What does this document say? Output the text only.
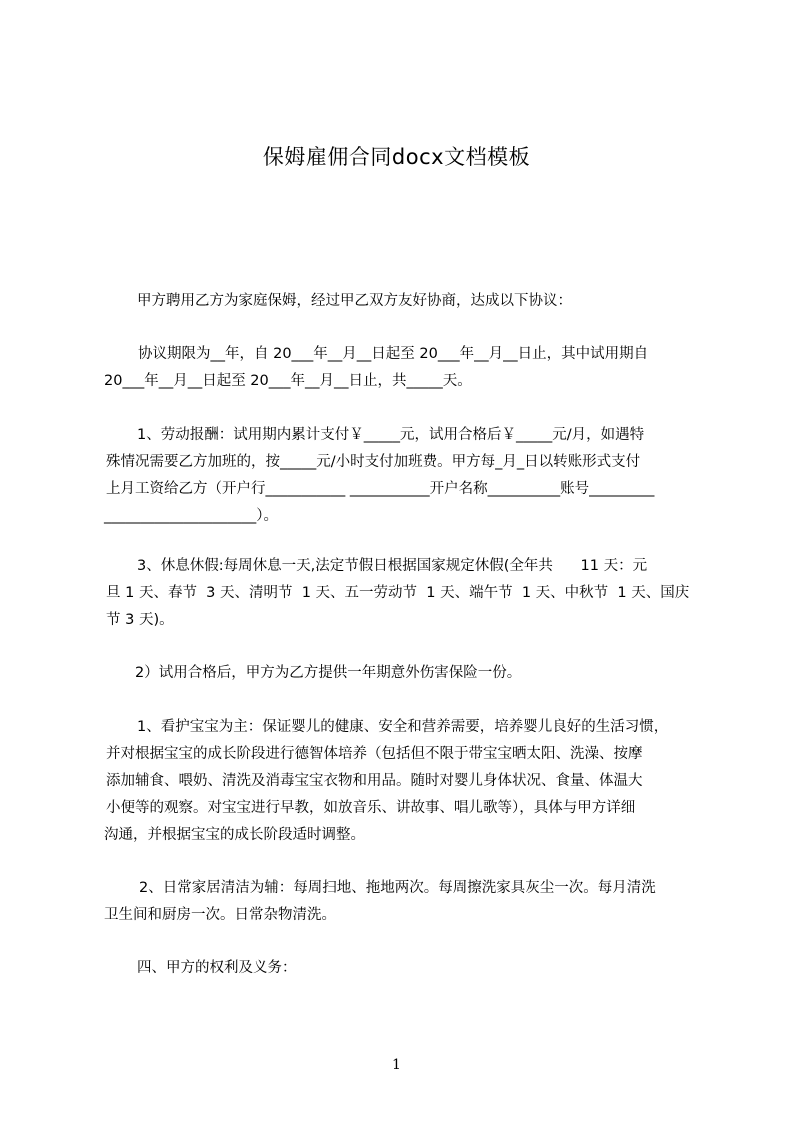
保姆雇佣合同docx文档模板
甲方聘用乙方为家庭保姆，经过甲乙双方友好协商，达成以下协议：
协议期限为__年，自 20___年__月__日起至 20___年__月__日止，其中试用期自
20___年__月__日起至 20___年__月__日止，共_____天。
1、劳动报酬：试用期内累计支付￥_____元，试用合格后￥_____元/月，如遇特
殊情况需要乙方加班的，按_____元/小时支付加班费。甲方每_月_日以转账形式支付
上月工资给乙方（开户行___________ ___________开户名称__________账号_________
_____________________）。
3、休息休假:每周休息一天,法定节假日根据国家规定休假(全年共      11 天：元
旦 1 天、春节  3 天、清明节  1 天、五一劳动节  1 天、端午节  1 天、中秋节  1 天、国庆
节 3 天)。
2）试用合格后，甲方为乙方提供一年期意外伤害保险一份。
1、看护宝宝为主：保证婴儿的健康、安全和营养需要，培养婴儿良好的生活习惯，
并对根据宝宝的成长阶段进行德智体培养（包括但不限于带宝宝晒太阳、洗澡、按摩
添加辅食、喂奶、清洗及消毒宝宝衣物和用品。随时对婴儿身体状况、食量、体温大
小便等的观察。对宝宝进行早教，如放音乐、讲故事、唱儿歌等），具体与甲方详细
沟通，并根据宝宝的成长阶段适时调整。
2、日常家居清洁为辅：每周扫地、拖地两次。每周擦洗家具灰尘一次。每月清洗
卫生间和厨房一次。日常杂物清洗。
四、甲方的权利及义务：
1
